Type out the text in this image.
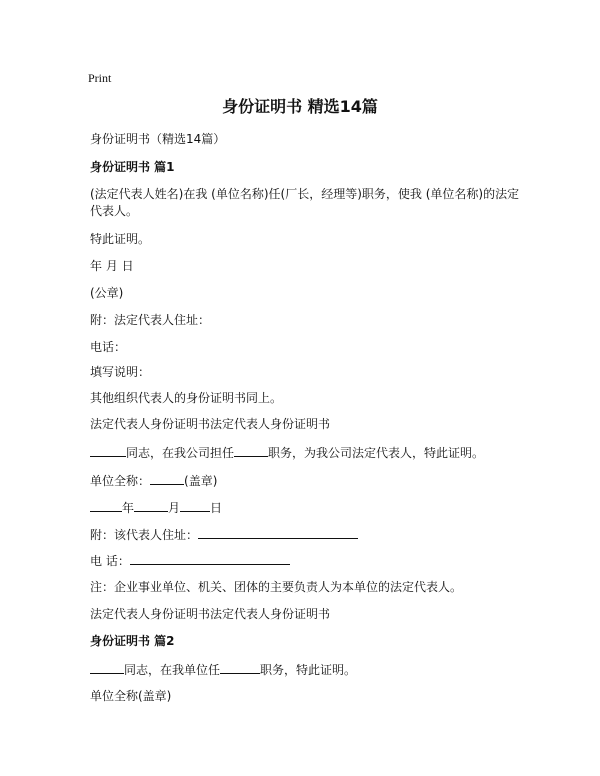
Print
身份证明书 精选14篇
身份证明书（精选14篇）
身份证明书 篇1
(法定代表人姓名)在我 (单位名称)任(厂长，经理等)职务，使我 (单位名称)的法定代表人。
特此证明。
年 月 日
(公章)
附：法定代表人住址：
电话：
填写说明：
其他组织代表人的身份证明书同上。
法定代表人身份证明书法定代表人身份证明书
同志，在我公司担任	职务，为我公司法定代表人，特此证明。
单位全称：	(盖章)
年	月	日
附：该代表人住址：
电 话：
注：企业事业单位、机关、团体的主要负责人为本单位的法定代表人。
法定代表人身份证明书法定代表人身份证明书
身份证明书 篇2
同志，在我单位任	职务，特此证明。
单位全称(盖章)
